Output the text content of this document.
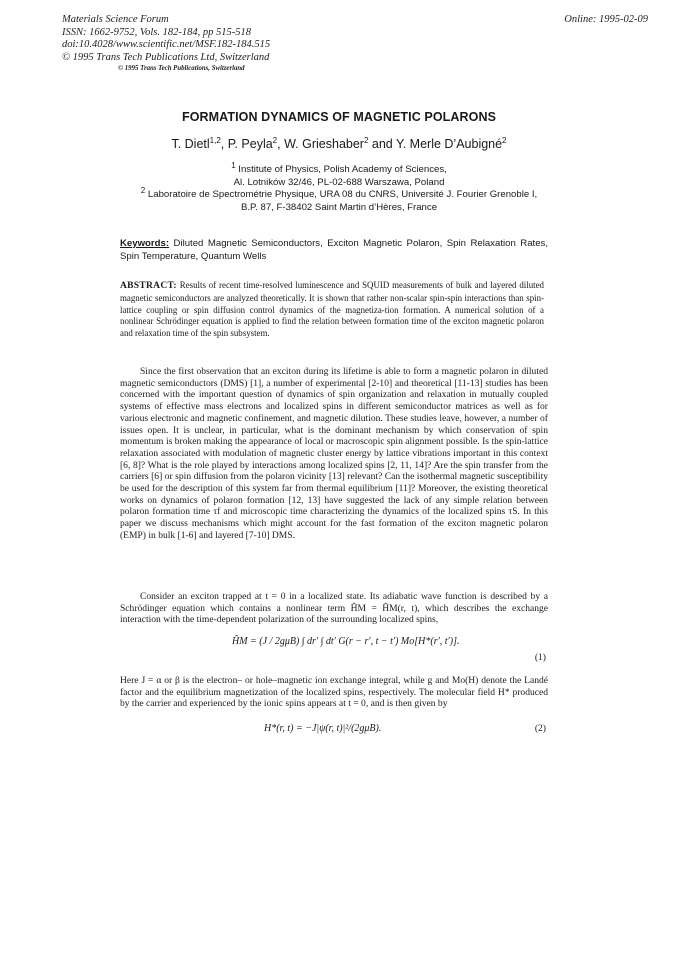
Materials Science Forum
ISSN: 1662-9752, Vols. 182-184, pp 515-518
doi:10.4028/www.scientific.net/MSF.182-184.515
© 1995 Trans Tech Publications Ltd, Switzerland
© 1995 Trans Tech Publications, Switzerland
Online: 1995-02-09
FORMATION DYNAMICS OF MAGNETIC POLARONS
T. Dietl$^{1,2}$, P. Peyla$^2$, W. Grieshaber$^2$ and Y. Merle D’Aubigné$^2$
$^1$ Institute of Physics, Polish Academy of Sciences,
Al. Lotników 32/46, PL-02-688 Warszawa, Poland
$^2$ Laboratoire de Spectrométrie Physique, URA 08 du CNRS, Université J. Fourier Grenoble I,
B.P. 87, F-38402 Saint Martin d’Hères, France
Keywords: Diluted Magnetic Semiconductors, Exciton Magnetic Polaron, Spin Relaxation Rates, Spin Temperature, Quantum Wells
ABSTRACT: Results of recent time-resolved luminescence and SQUID measurements of bulk and layered diluted magnetic semiconductors are analyzed theoretically. It is shown that rather non-scalar spin-spin interactions than spin-lattice coupling or spin diffusion control dynamics of the magnetiza-tion formation. A numerical solution of a nonlinear Schrödinger equation is applied to find the relation between formation time of the exciton magnetic polaron and relaxation time of the spin subsystem.
Since the first observation that an exciton during its lifetime is able to form a magnetic polaron in diluted magnetic semiconductors (DMS) [1], a number of experimental [2-10] and theoretical [11-13] studies has been concerned with the important question of dynamics of spin organization and relaxation in mutually coupled systems of effective mass electrons and localized spins in different semiconductor matrices as well as for various electronic and magnetic confinement, and magnetic dilution. These studies leave, however, a number of issues open. It is unclear, in particular, what is the dominant mechanism by which conservation of spin momentum is broken making the appearance of local or macroscopic spin alignment possible. Is the spin-lattice relaxation associated with modulation of magnetic cluster energy by lattice vibrations important in this context [6, 8]? What is the role played by interactions among localized spins [2, 11, 14]? Are the spin transfer from the carriers [6] or spin diffusion from the polaron vicinity [13] relevant? Can the isothermal magnetic susceptibility be used for the description of this system far from thermal equilibrium [11]? Moreover, the existing theoretical works on dynamics of polaron formation [12, 13] have suggested the lack of any simple relation between polaron formation time τf and microscopic time characterizing the dynamics of the localized spins τS. In this paper we discuss mechanisms which might account for the fast formation of the exciton magnetic polaron (EMP) in bulk [1-6] and layered [7-10] DMS.
Consider an exciton trapped at t = 0 in a localized state. Its adiabatic wave function is described by a Schrödinger equation which contains a nonlinear term ĤM = ĤM(r, t), which describes the exchange interaction with the time-dependent polarization of the surrounding localized spins,
ĤM = (J / 2gμB) ∫ dr′ ∫ dt′ G(r − r′, t − t′) Mo[H*(r′, t′)].
(1)
Here J = α or β is the electron– or hole–magnetic ion exchange integral, while g and Mo(H) denote the Landé factor and the equilibrium magnetization of the localized spins, respectively. The molecular field H* produced by the carrier and experienced by the ionic spins appears at t = 0, and is then given by
H*(r, t) = −J|ψ(r, t)|²/(2gμB).	(2)
